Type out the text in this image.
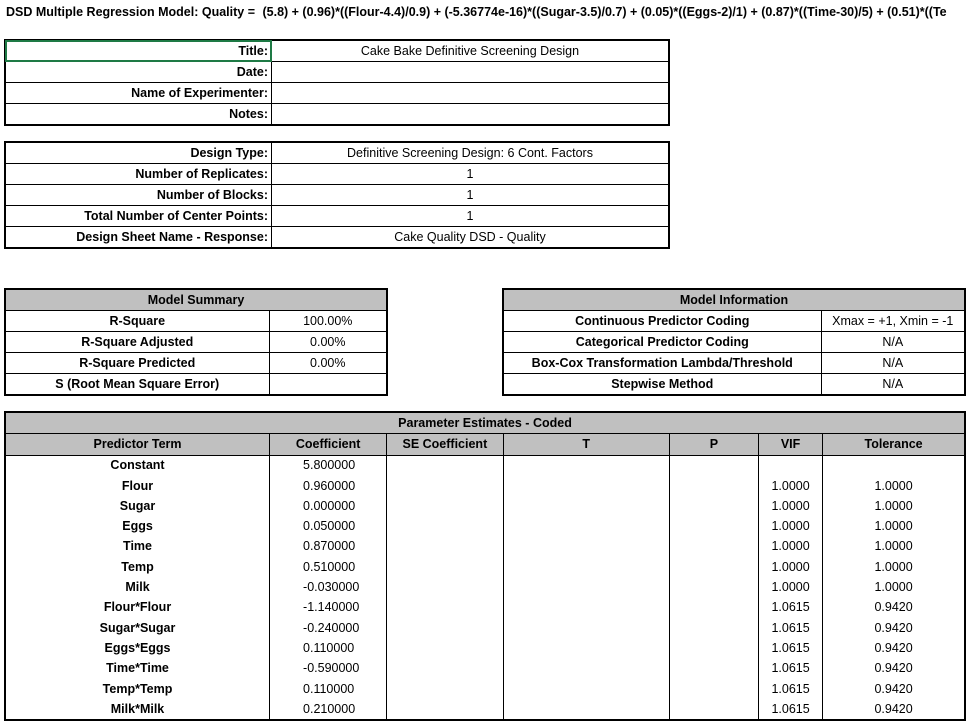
DSD Multiple Regression Model: Quality = (5.8) + (0.96)*((Flour-4.4)/0.9) + (-5.36774e-16)*((Sugar-3.5)/0.7) + (0.05)*((Eggs-2)/1) + (0.87)*((Time-30)/5) + (0.51)*((Te
Title:	Cake Bake Definitive Screening Design
Date:	
Name of Experimenter:	
Notes:	
Design Type:	Definitive Screening Design: 6 Cont. Factors
Number of Replicates:	1
Number of Blocks:	1
Total Number of Center Points:	1
Design Sheet Name - Response:	Cake Quality DSD - Quality
Model Summary	
R-Square	100.00%
R-Square Adjusted	0.00%
R-Square Predicted	0.00%
S (Root Mean Square Error)	
Model Information	
Continuous Predictor Coding	Xmax = +1, Xmin = -1
Categorical Predictor Coding	N/A
Box-Cox Transformation Lambda/Threshold	N/A
Stepwise Method	N/A
Parameter Estimates - Coded						
Predictor Term	Coefficient	SE Coefficient	T	P	VIF	Tolerance
Constant	5.800000					
Flour	0.960000				1.0000	1.0000
Sugar	0.000000				1.0000	1.0000
Eggs	0.050000				1.0000	1.0000
Time	0.870000				1.0000	1.0000
Temp	0.510000				1.0000	1.0000
Milk	-0.030000				1.0000	1.0000
Flour*Flour	-1.140000				1.0615	0.9420
Sugar*Sugar	-0.240000				1.0615	0.9420
Eggs*Eggs	0.110000				1.0615	0.9420
Time*Time	-0.590000				1.0615	0.9420
Temp*Temp	0.110000				1.0615	0.9420
Milk*Milk	0.210000				1.0615	0.9420
